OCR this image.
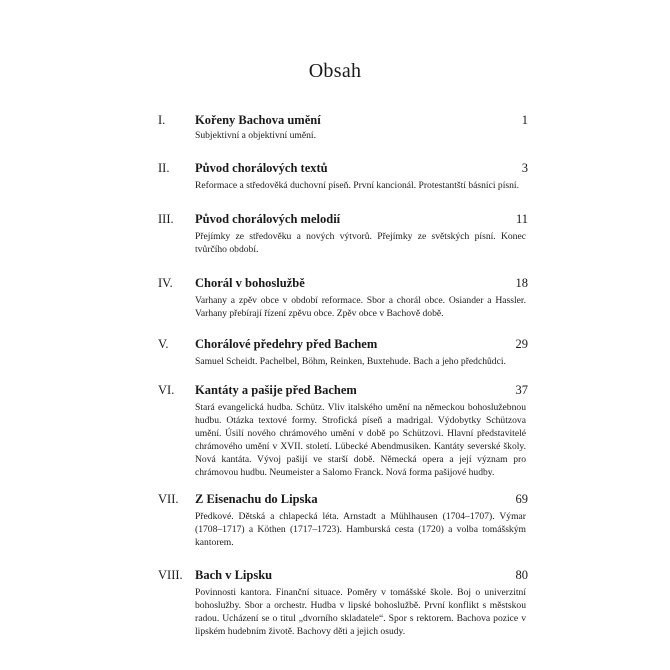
Obsah
I. Kořeny Bachova umění	1
Subjektivní a objektivní umění.
II. Původ chorálových textů	3
Reformace a středověká duchovní píseň. První kancionál. Protestantští básníci písní.
III. Původ chorálových melodií	11
Přejímky ze středověku a nových výtvorů. Přejímky ze světských písní. Konec tvůrčího období.
IV. Chorál v bohoslužbě	18
Varhany a zpěv obce v období reformace. Sbor a chorál obce. Osiander a Hassler. Varhany přebírají řízení zpěvu obce. Zpěv obce v Bachově době.
V. Chorálové předehry před Bachem	29
Samuel Scheidt. Pachelbel, Böhm, Reinken, Buxtehude. Bach a jeho předchůdci.
VI. Kantáty a pašije před Bachem	37
Stará evangelická hudba. Schütz. Vliv italského umění na německou bohoslužebnou hudbu. Otázka textové formy. Strofická píseň a madrigal. Výdobytky Schützova umění. Úsilí nového chrámového umění v době po Schützovi. Hlavní představitelé chrámového umění v XVII. století. Lübecké Abendmusiken. Kantáty severské školy. Nová kantáta. Vývoj pašijí ve starší době. Německá opera a její význam pro chrámovou hudbu. Neumeister a Salomo Franck. Nová forma pašijové hudby.
VII. Z Eisenachu do Lipska	69
Předkové. Dětská a chlapecká léta. Arnstadt a Mühlhausen (1704–1707). Výmar (1708–1717) a Köthen (1717–1723). Hamburská cesta (1720) a volba tomášským kantorem.
VIII. Bach v Lipsku	80
Povinnosti kantora. Finanční situace. Poměry v tomášské škole. Boj o univerzitní bohoslužby. Sbor a orchestr. Hudba v lipské bohoslužbě. První konflikt s městskou radou. Ucházení se o titul „dvorního skladatele“. Spor s rektorem. Bachova pozice v lipském hudebním životě. Bachovy děti a jejich osudy.
